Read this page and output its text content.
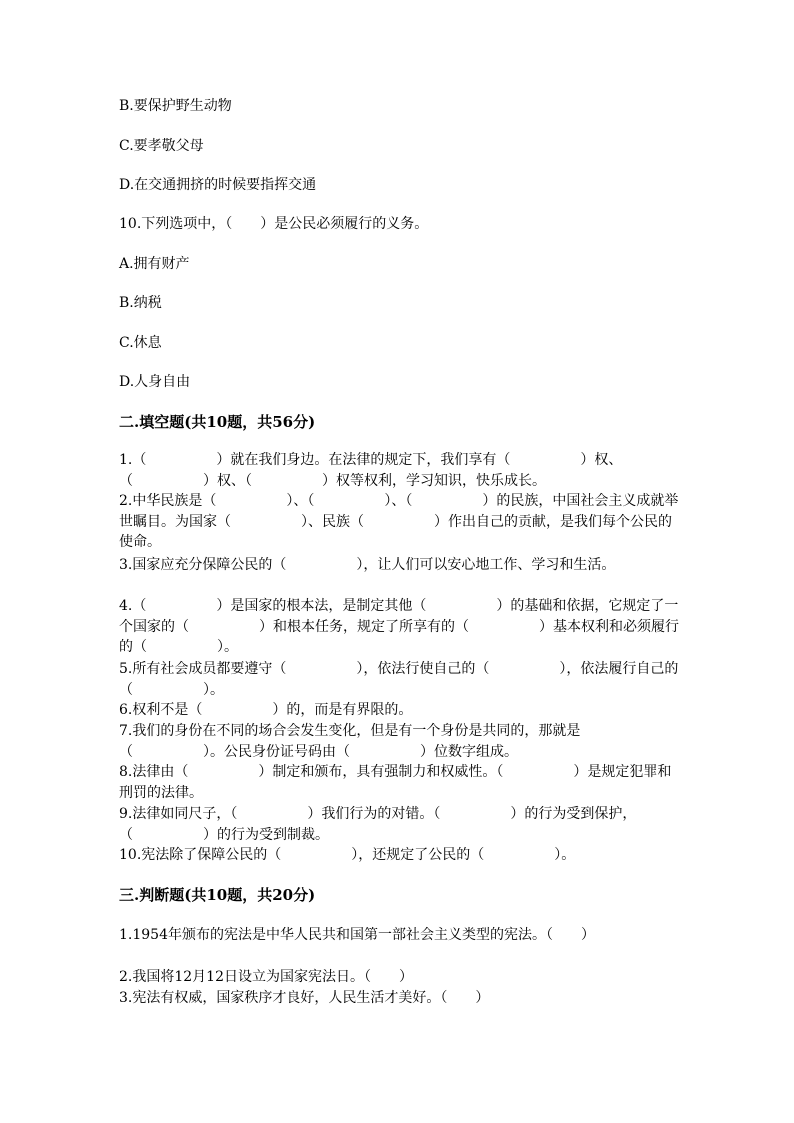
B.要保护野生动物
C.要孝敬父母
D.在交通拥挤的时候要指挥交通
10.下列选项中，（　　）是公民必须履行的义务。
A.拥有财产
B.纳税
C.休息
D.人身自由
二.填空题(共10题，共56分)

1.（　　　　　）就在我们身边。在法律的规定下，我们享有（　　　　　）权、（　　　　　）权、（　　　　　）权等权利，学习知识，快乐成长。

2.中华民族是（　　　　　）、（　　　　　）、（　　　　　）的民族，中国社会主义成就举世瞩目。为国家（　　　　　）、民族（　　　　　）作出自己的贡献，是我们每个公民的使命。

3.国家应充分保障公民的（　　　　　），让人们可以安心地工作、学习和生活。

4.（　　　　　）是国家的根本法，是制定其他（　　　　　）的基础和依据，它规定了一个国家的（　　　　　）和根本任务，规定了所享有的（　　　　　）基本权利和必须履行的（　　　　　）。

5.所有社会成员都要遵守（　　　　　），依法行使自己的（　　　　　），依法履行自己的（　　　　　）。

6.权利不是（　　　　　）的，而是有界限的。

7.我们的身份在不同的场合会发生变化，但是有一个身份是共同的，那就是（　　　　　）。公民身份证号码由（　　　　　）位数字组成。

8.法律由（　　　　　）制定和颁布，具有强制力和权威性。（　　　　　）是规定犯罪和刑罚的法律。

9.法律如同尺子，（　　　　　）我们行为的对错。（　　　　　）的行为受到保护，（　　　　　）的行为受到制裁。

10.宪法除了保障公民的（　　　　　），还规定了公民的（　　　　　）。

三.判断题(共10题，共20分)

1.1954年颁布的宪法是中华人民共和国第一部社会主义类型的宪法。（　　）

2.我国将12月12日设立为国家宪法日。（　　）

3.宪法有权威，国家秩序才良好，人民生活才美好。（　　）
